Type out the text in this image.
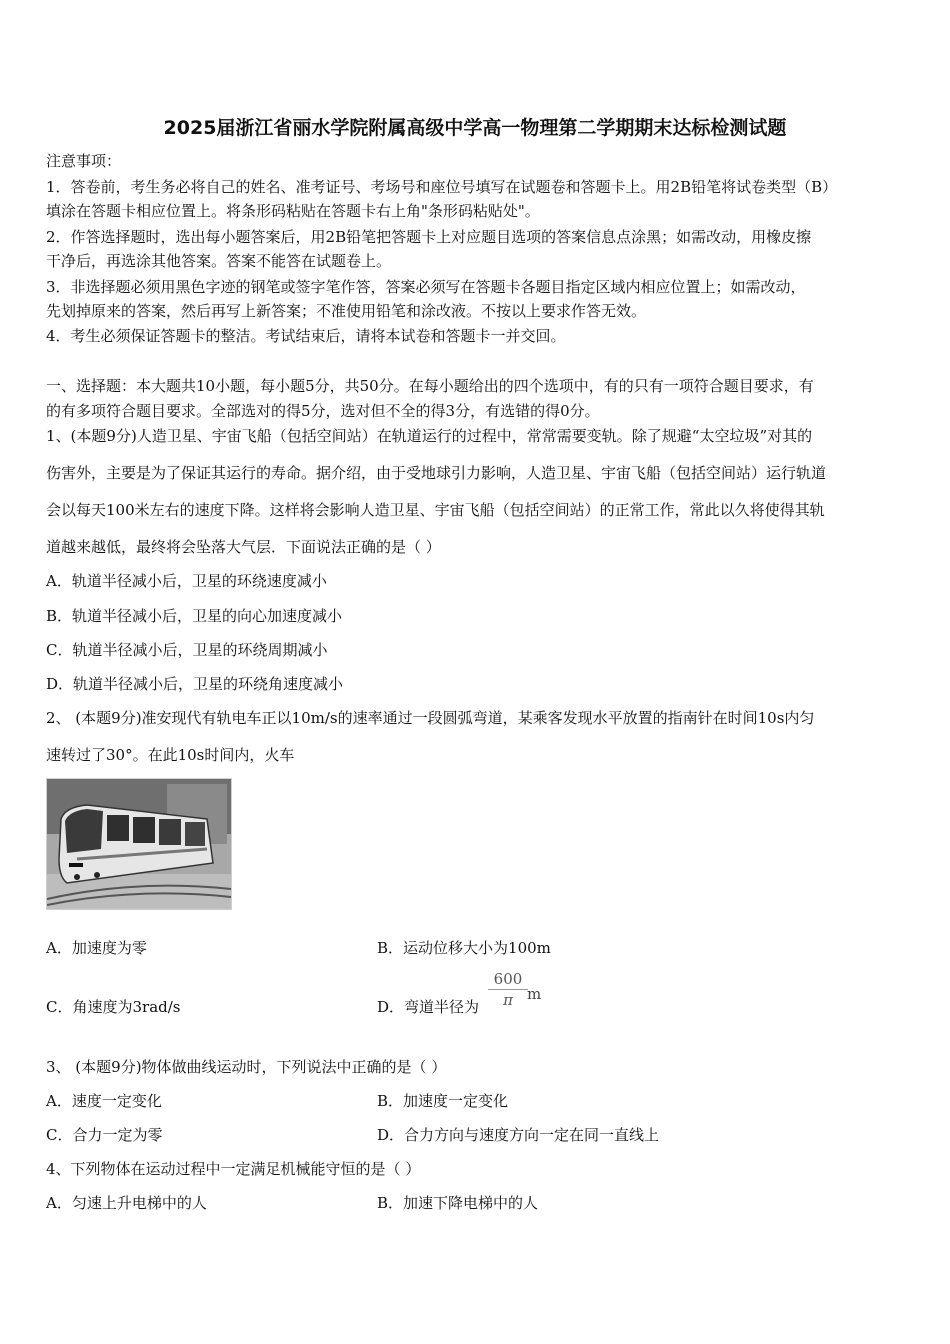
2025届浙江省丽水学院附属高级中学高一物理第二学期期末达标检测试题
注意事项：
1．答卷前，考生务必将自己的姓名、准考证号、考场号和座位号填写在试题卷和答题卡上。用2B铅笔将试卷类型（B）
填涂在答题卡相应位置上。将条形码粘贴在答题卡右上角"条形码粘贴处"。
2．作答选择题时，选出每小题答案后，用2B铅笔把答题卡上对应题目选项的答案信息点涂黑；如需改动，用橡皮擦
干净后，再选涂其他答案。答案不能答在试题卷上。
3．非选择题必须用黑色字迹的钢笔或签字笔作答，答案必须写在答题卡各题目指定区域内相应位置上；如需改动，
先划掉原来的答案，然后再写上新答案；不准使用铅笔和涂改液。不按以上要求作答无效。
4．考生必须保证答题卡的整洁。考试结束后，请将本试卷和答题卡一并交回。
一、选择题：本大题共10小题，每小题5分，共50分。在每小题给出的四个选项中，有的只有一项符合题目要求，有
的有多项符合题目要求。全部选对的得5分，选对但不全的得3分，有选错的得0分。
1、(本题9分)人造卫星、宇宙飞船（包括空间站）在轨道运行的过程中，常常需要变轨。除了规避“太空垃圾”对其的
伤害外，主要是为了保证其运行的寿命。据介绍，由于受地球引力影响，人造卫星、宇宙飞船（包括空间站）运行轨道
会以每天100米左右的速度下降。这样将会影响人造卫星、宇宙飞船（包括空间站）的正常工作，常此以久将使得其轨
道越来越低，最终将会坠落大气层．下面说法正确的是（ ）
A．轨道半径减小后，卫星的环绕速度减小
B．轨道半径减小后，卫星的向心加速度减小
C．轨道半径减小后，卫星的环绕周期减小
D．轨道半径减小后，卫星的环绕角速度减小
2、 (本题9分)准安现代有轨电车正以10m/s的速率通过一段圆弧弯道，某乘客发现水平放置的指南针在时间10s内匀
速转过了30°。在此10s时间内，火车
A．加速度为零	B．运动位移大小为100m
C．角速度为3rad/s	D．弯道半径为 $\frac{600}{\pi}$ m
3、 (本题9分)物体做曲线运动时，下列说法中正确的是（ ）
A．速度一定变化	B．加速度一定变化
C．合力一定为零	D．合力方向与速度方向一定在同一直线上
4、下列物体在运动过程中一定满足机械能守恒的是（ ）
A．匀速上升电梯中的人	B．加速下降电梯中的人
